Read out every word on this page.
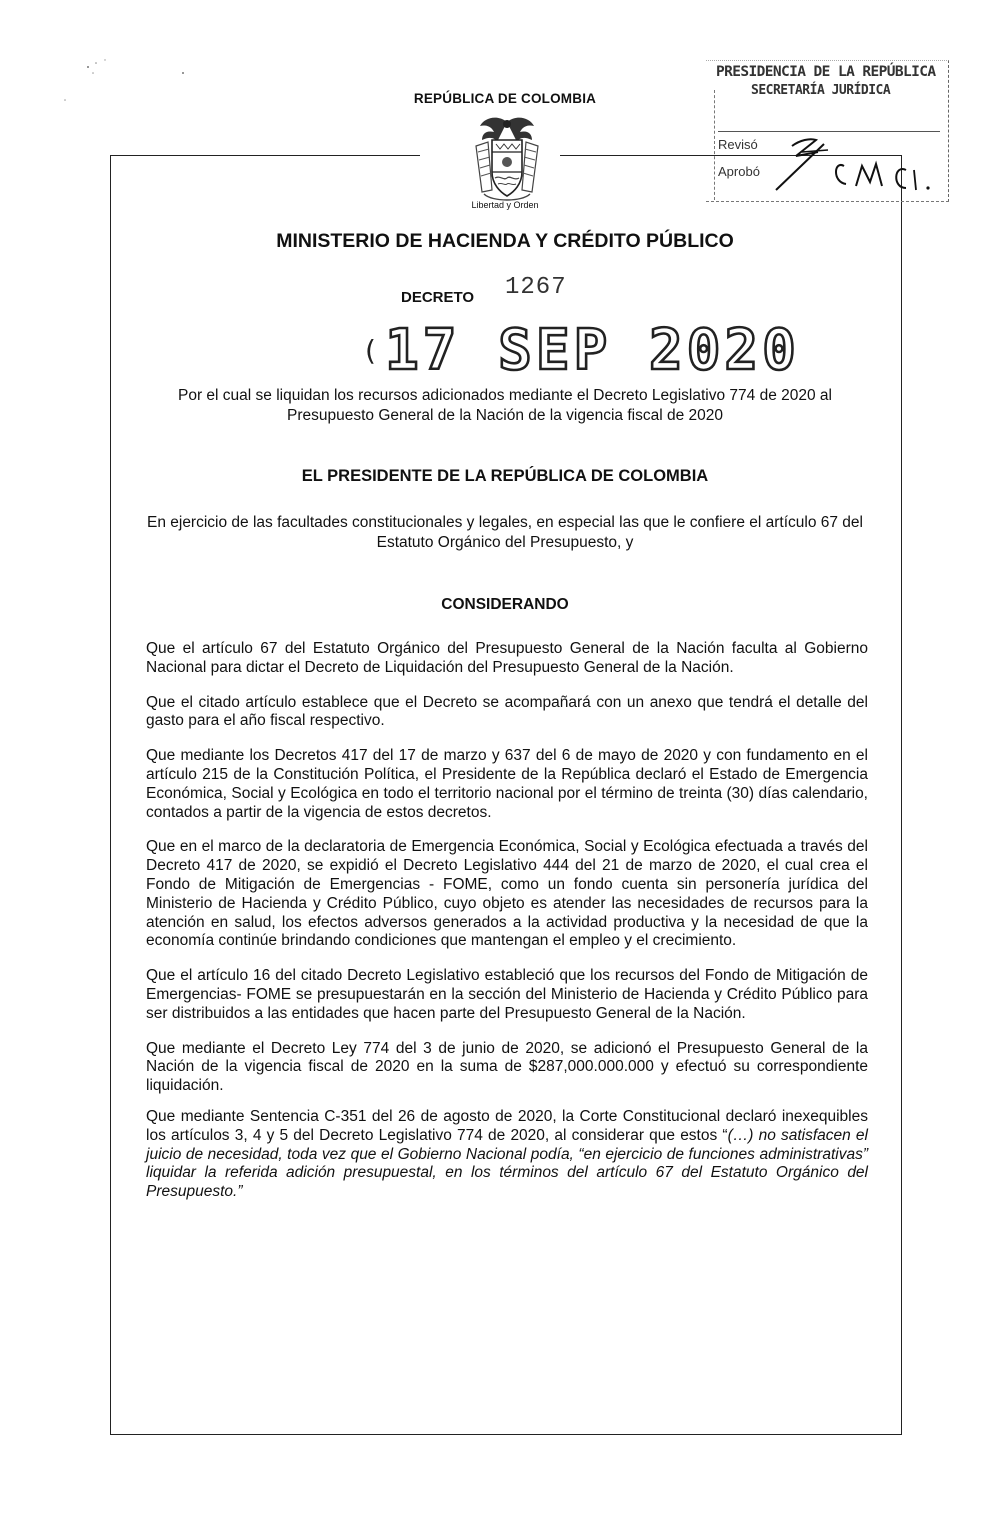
REPÚBLICA DE COLOMBIA
Libertad y Orden
MINISTERIO DE HACIENDA Y CRÉDITO PÚBLICO
DECRETO 1267
( 17 SEP 2020
PRESIDENCIA DE LA REPÚBLICA
SECRETARÍA JURÍDICA
Revisó
Aprobó
Por el cual se liquidan los recursos adicionados mediante el Decreto Legislativo 774 de 2020 al Presupuesto General de la Nación de la vigencia fiscal de 2020
EL PRESIDENTE DE LA REPÚBLICA DE COLOMBIA
En ejercicio de las facultades constitucionales y legales, en especial las que le confiere el artículo 67 del Estatuto Orgánico del Presupuesto, y
CONSIDERANDO

Que el artículo 67 del Estatuto Orgánico del Presupuesto General de la Nación faculta al Gobierno Nacional para dictar el Decreto de Liquidación del Presupuesto General de la Nación.

Que el citado artículo establece que el Decreto se acompañará con un anexo que tendrá el detalle del gasto para el año fiscal respectivo.

Que mediante los Decretos 417 del 17 de marzo y 637 del 6 de mayo de 2020 y con fundamento en el artículo 215 de la Constitución Política, el Presidente de la República declaró el Estado de Emergencia Económica, Social y Ecológica en todo el territorio nacional por el término de treinta (30) días calendario, contados a partir de la vigencia de estos decretos.

Que en el marco de la declaratoria de Emergencia Económica, Social y Ecológica efectuada a través del Decreto 417 de 2020, se expidió el Decreto Legislativo 444 del 21 de marzo de 2020, el cual crea el Fondo de Mitigación de Emergencias - FOME, como un fondo cuenta sin personería jurídica del Ministerio de Hacienda y Crédito Público, cuyo objeto es atender las necesidades de recursos para la atención en salud, los efectos adversos generados a la actividad productiva y la necesidad de que la economía continúe brindando condiciones que mantengan el empleo y el crecimiento.

Que el artículo 16 del citado Decreto Legislativo estableció que los recursos del Fondo de Mitigación de Emergencias- FOME se presupuestarán en la sección del Ministerio de Hacienda y Crédito Público para ser distribuidos a las entidades que hacen parte del Presupuesto General de la Nación.

Que mediante el Decreto Ley 774 del 3 de junio de 2020, se adicionó el Presupuesto General de la Nación de la vigencia fiscal de 2020 en la suma de $287,000.000.000 y efectuó su correspondiente liquidación.

Que mediante Sentencia C-351 del 26 de agosto de 2020, la Corte Constitucional declaró inexequibles los artículos 3, 4 y 5 del Decreto Legislativo 774 de 2020, al considerar que estos “(…) no satisfacen el juicio de necesidad, toda vez que el Gobierno Nacional podía, “en ejercicio de funciones administrativas” liquidar la referida adición presupuestal, en los términos del artículo 67 del Estatuto Orgánico del Presupuesto.”
